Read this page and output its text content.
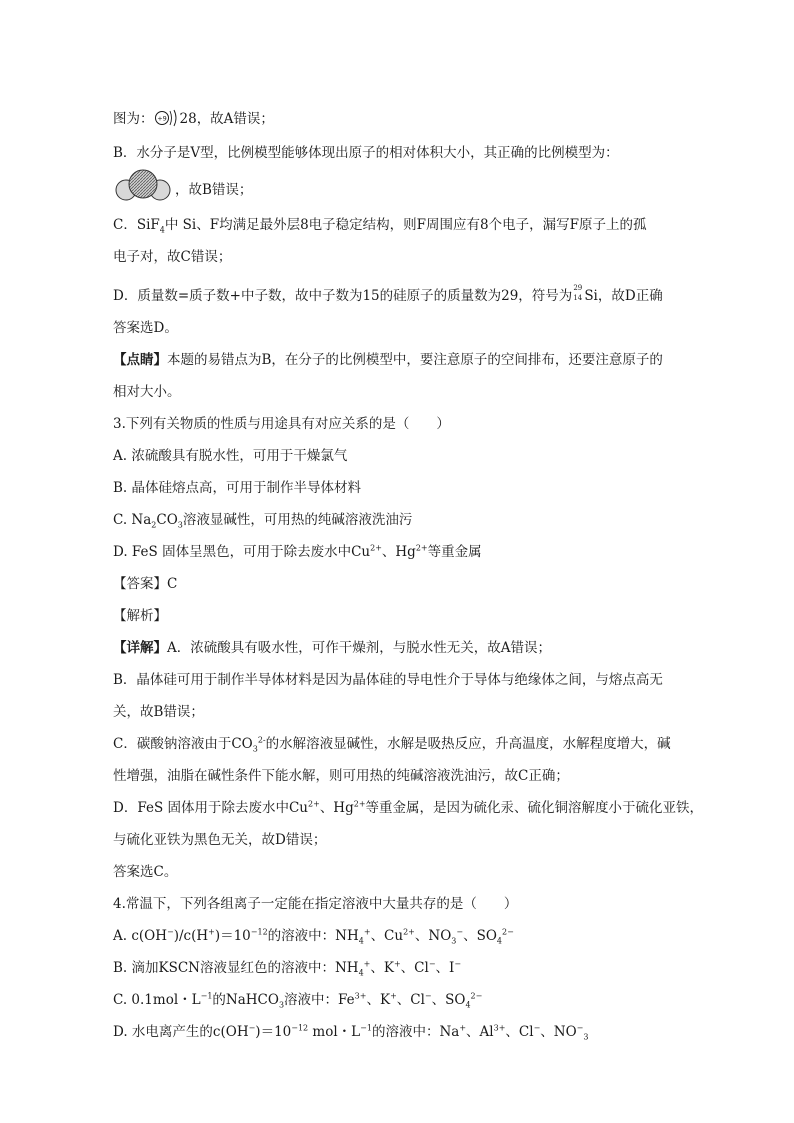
图为： +9 28，故A错误；
B．水分子是V型，比例模型能够体现出原子的相对体积大小，其正确的比例模型为：
，故B错误；
C．SiF$_4$中 Si、F均满足最外层8电子稳定结构，则F周围应有8个电子，漏写F原子上的孤
电子对，故C错误；
D．质量数=质子数+中子数，故中子数为15的硅原子的质量数为29，符号为 29
14 Si，故D正确
答案选D。
【点睛】本题的易错点为B，在分子的比例模型中，要注意原子的空间排布，还要注意原子的
相对大小。
3.下列有关物质的性质与用途具有对应关系的是（　　）
A. 浓硫酸具有脱水性，可用于干燥氯气
B. 晶体硅熔点高，可用于制作半导体材料
C. $Na_2CO_3$溶液显碱性，可用热的纯碱溶液洗油污
D. FeS 固体呈黑色，可用于除去废水中$Cu^{2+}$、$Hg^{2+}$等重金属
【答案】C
【解析】
【详解】A．浓硫酸具有吸水性，可作干燥剂，与脱水性无关，故A错误；
B．晶体硅可用于制作半导体材料是因为晶体硅的导电性介于导体与绝缘体之间，与熔点高无
关，故B错误；
C．碳酸钠溶液由于$CO_3^{2-}$的水解溶液显碱性，水解是吸热反应，升高温度，水解程度增大，碱
性增强，油脂在碱性条件下能水解，则可用热的纯碱溶液洗油污，故C正确；
D．FeS 固体用于除去废水中$Cu^{2+}$、$Hg^{2+}$等重金属，是因为硫化汞、硫化铜溶解度小于硫化亚铁，
与硫化亚铁为黑色无关，故D错误；
答案选C。
4.常温下，下列各组离子一定能在指定溶液中大量共存的是（　　）
A. $c(OH^-)/c(H^+)=10^{-12}$的溶液中：$NH_4^+$、$Cu^{2+}$、$NO_3^-$、$SO_4^{2-}$
B. 滴加KSCN溶液显红色的溶液中：$NH_4^+$、K+、Cl−、I−
C. 0.1mol・$L^{-1}$的NaHCO$_3$溶液中：$Fe^{3+}$、K+、Cl−、$SO_4^{2-}$
D. 水电离产生的$c(OH^-)=10^{-12}$ mol・$L^{-1}$的溶液中：Na+、$Al^{3+}$、Cl−、$NO^-_3$
